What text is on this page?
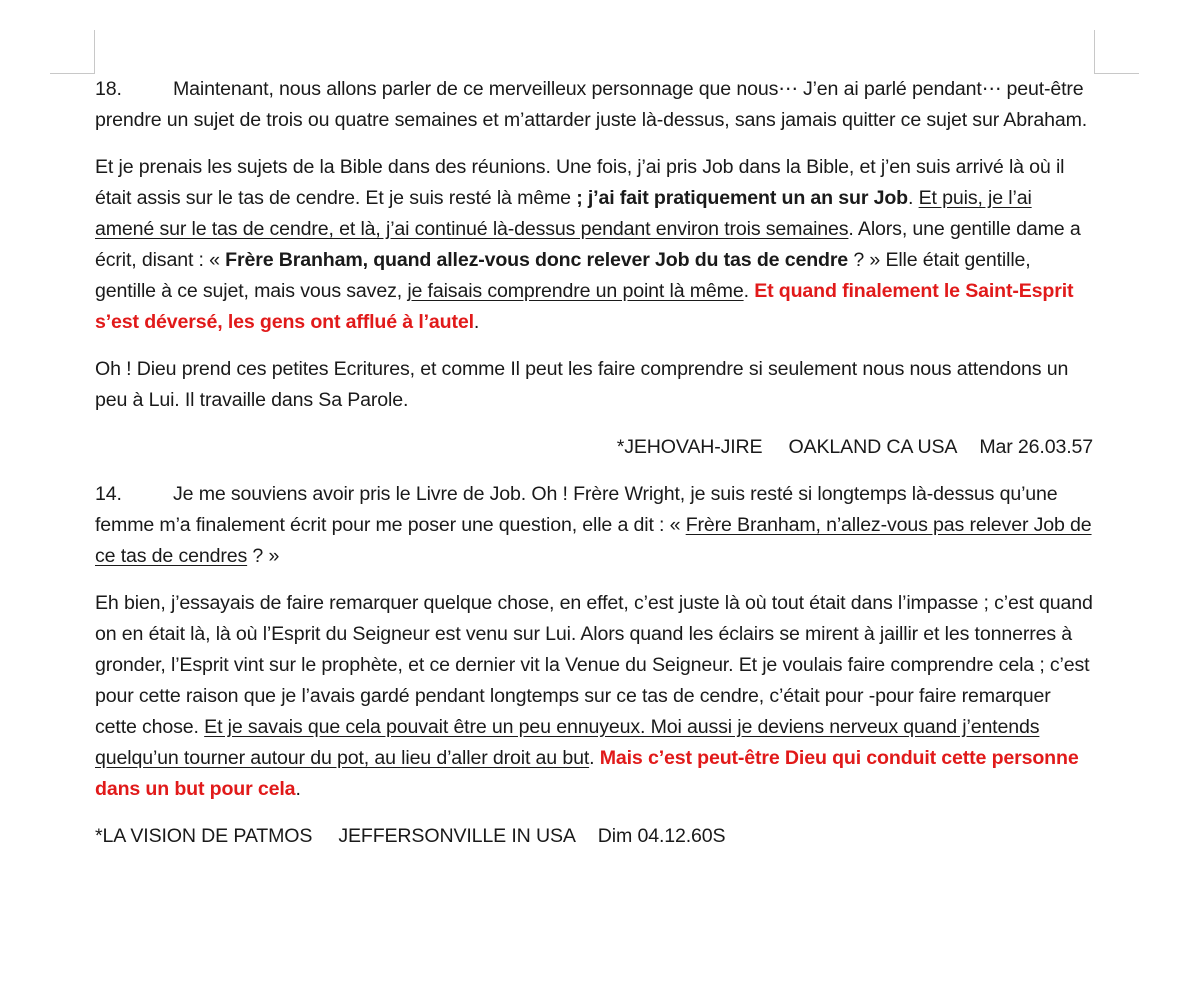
18.	Maintenant, nous allons parler de ce merveilleux personnage que nous⋯ J’en ai parlé pendant⋯ peut-être prendre un sujet de trois ou quatre semaines et m’attarder juste là-dessus, sans jamais quitter ce sujet sur Abraham.

Et je prenais les sujets de la Bible dans des réunions. Une fois, j’ai pris Job dans la Bible, et j’en suis arrivé là où il était assis sur le tas de cendre. Et je suis resté là même ; j’ai fait pratiquement un an sur Job. Et puis, je l’ai amené sur le tas de cendre, et là, j’ai continué là-dessus pendant environ trois semaines. Alors, une gentille dame a écrit, disant : « Frère Branham, quand allez-vous donc relever Job du tas de cendre ? » Elle était gentille, gentille à ce sujet, mais vous savez, je faisais comprendre un point là même. Et quand finalement le Saint-Esprit s’est déversé, les gens ont afflué à l’autel.

Oh ! Dieu prend ces petites Ecritures, et comme Il peut les faire comprendre si seulement nous nous attendons un peu à Lui. Il travaille dans Sa Parole.

*JEHOVAH-JIRE OAKLAND CA USA Mar 26.03.57

14.	Je me souviens avoir pris le Livre de Job. Oh ! Frère Wright, je suis resté si longtemps là-dessus qu’une femme m’a finalement écrit pour me poser une question, elle a dit : « Frère Branham, n’allez-vous pas relever Job de ce tas de cendres ? »

Eh bien, j’essayais de faire remarquer quelque chose, en effet, c’est juste là où tout était dans l’impasse ; c’est quand on en était là, là où l’Esprit du Seigneur est venu sur Lui. Alors quand les éclairs se mirent à jaillir et les tonnerres à gronder, l’Esprit vint sur le prophète, et ce dernier vit la Venue du Seigneur. Et je voulais faire comprendre cela ; c’est pour cette raison que je l’avais gardé pendant longtemps sur ce tas de cendre, c’était pour -pour faire remarquer cette chose. Et je savais que cela pouvait être un peu ennuyeux. Moi aussi je deviens nerveux quand j’entends quelqu’un tourner autour du pot, au lieu d’aller droit au but. Mais c’est peut-être Dieu qui conduit cette personne dans un but pour cela.

*LA VISION DE PATMOS JEFFERSONVILLE IN USA Dim 04.12.60S
